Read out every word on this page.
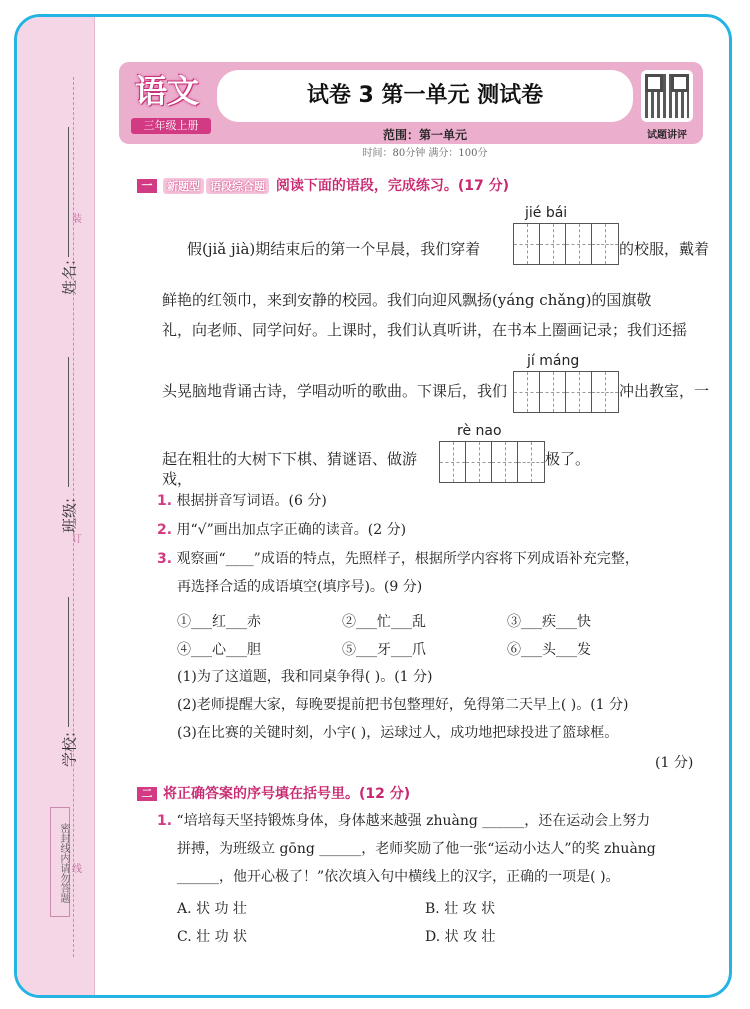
姓名:
班级:
学校:
装
订
线
密封线内请勿答题
语文
三年级上册
试卷 3 第一单元 测试卷
范围：第一单元
时间：80分钟 满分：100分
试题讲评
一 新题型 语段综合题 阅读下面的语段，完成练习。(17 分)
jié bái
假(jiǎ jià)期结束后的第一个早晨，我们穿着	的校服，戴着
鲜艳的红领巾，来到安静的校园。我们向迎风飘扬(yáng chǎng)的国旗敬
礼，向老师、同学问好。上课时，我们认真听讲，在书本上圈画记录；我们还摇
jí máng
头晃脑地背诵古诗，学唱动听的歌曲。下课后，我们	冲出教室，一
rè nao
起在粗壮的大树下下棋、猜谜语、做游戏，
极了。
1. 根据拼音写词语。(6 分)
2. 用“√”画出加点字正确的读音。(2 分)
3. 观察画“____”成语的特点，先照样子，根据所学内容将下列成语补充完整，
再选择合适的成语填空(填序号)。(9 分)
①___红___赤	②___忙___乱	③___疾___快
④___心___胆	⑤___牙___爪	⑥___头___发
(1)为了这道题，我和同桌争得( )。(1 分)
(2)老师提醒大家，每晚要提前把书包整理好，免得第二天早上( )。(1 分)
(3)在比赛的关键时刻，小宇( )，运球过人，成功地把球投进了篮球框。
(1 分)
二 将正确答案的序号填在括号里。(12 分)
1. “培培每天坚持锻炼身体，身体越来越强 zhuàng ______，还在运动会上努力
拼搏，为班级立 gōng ______，老师奖励了他一张“运动小达人”的奖 zhuàng
______，他开心极了！”依次填入句中横线上的汉字，正确的一项是( )。
A. 状 功 壮	B. 壮 攻 状
C. 壮 功 状	D. 状 攻 壮
